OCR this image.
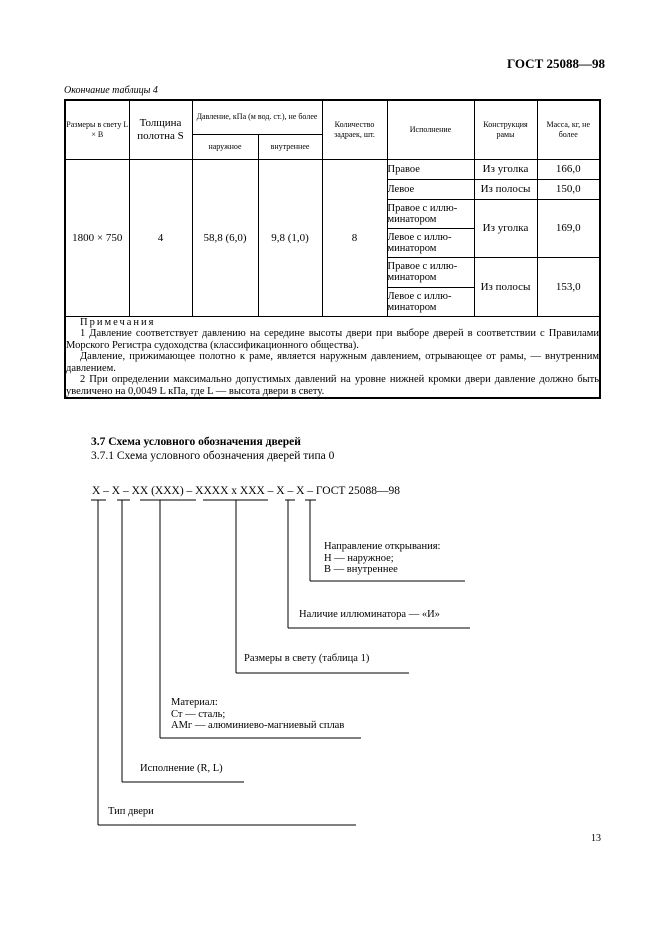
ГОСТ 25088—98
Окончание таблицы 4
Размеры в свету L × B	Толщина полотна S	Давление, кПа (м вод. ст.), не более		Количество задраек, шт.	Исполнение	Конструкция рамы	Масса, кг, не более
		наружное	внутреннее				
1800 × 750	4	58,8 (6,0)	9,8 (1,0)	8	Правое	Из уголка	166,0
					Левое	Из полосы	150,0
					Правое с иллю-минатором	Из уголка	169,0
					Левое с иллю-минатором		
					Правое с иллю-минатором	Из полосы	153,0
					Левое с иллю-минатором		

Примечания
1 Давление соответствует давлению на середине высоты двери при выборе дверей в соответствии с Правилами Морского Регистра судоходства (классификационного общества).
Давление, прижимающее полотно к раме, является наружным давлением, отрывающее от рамы, — внутренним давлением.
2 При определении максимально допустимых давлений на уровне нижней кромки двери давление должно быть увеличено на 0,0049 L кПа, где L — высота двери в свету.							
3.7 Схема условного обозначения дверей
3.7.1 Схема условного обозначения дверей типа 0
Х – Х – ХХ (ХХХ) – ХХХХ х ХХХ – Х – Х – ГОСТ 25088—98
Направление открывания:
Н — наружное;
В — внутреннее
Наличие иллюминатора — «И»
Размеры в свету (таблица 1)
Материал:
Ст — сталь;
АМг — алюминиево-магниевый сплав
Исполнение (R, L)
Тип двери
13
